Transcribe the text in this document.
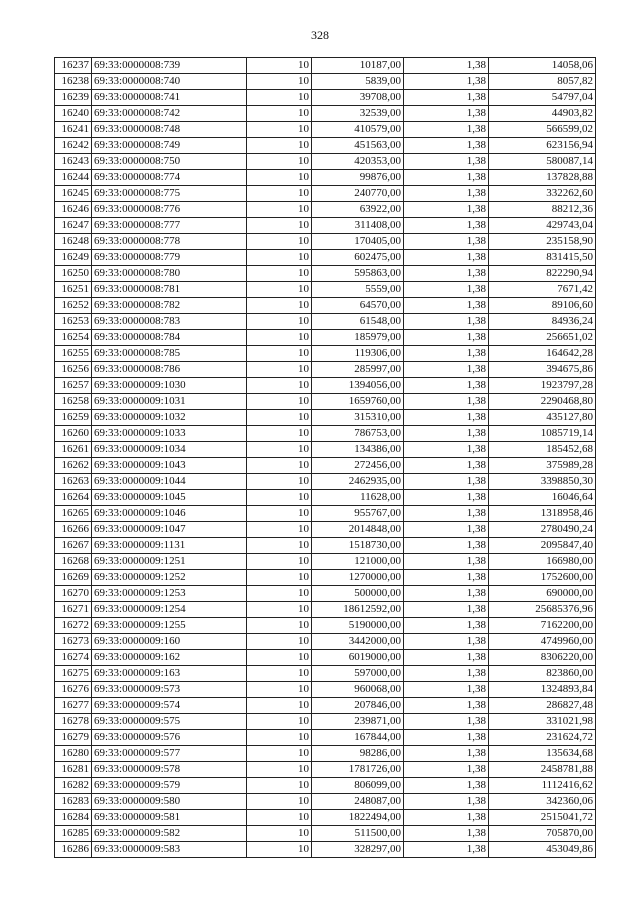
328
16237	69:33:0000008:739	10	10187,00	1,38	14058,06
16238	69:33:0000008:740	10	5839,00	1,38	8057,82
16239	69:33:0000008:741	10	39708,00	1,38	54797,04
16240	69:33:0000008:742	10	32539,00	1,38	44903,82
16241	69:33:0000008:748	10	410579,00	1,38	566599,02
16242	69:33:0000008:749	10	451563,00	1,38	623156,94
16243	69:33:0000008:750	10	420353,00	1,38	580087,14
16244	69:33:0000008:774	10	99876,00	1,38	137828,88
16245	69:33:0000008:775	10	240770,00	1,38	332262,60
16246	69:33:0000008:776	10	63922,00	1,38	88212,36
16247	69:33:0000008:777	10	311408,00	1,38	429743,04
16248	69:33:0000008:778	10	170405,00	1,38	235158,90
16249	69:33:0000008:779	10	602475,00	1,38	831415,50
16250	69:33:0000008:780	10	595863,00	1,38	822290,94
16251	69:33:0000008:781	10	5559,00	1,38	7671,42
16252	69:33:0000008:782	10	64570,00	1,38	89106,60
16253	69:33:0000008:783	10	61548,00	1,38	84936,24
16254	69:33:0000008:784	10	185979,00	1,38	256651,02
16255	69:33:0000008:785	10	119306,00	1,38	164642,28
16256	69:33:0000008:786	10	285997,00	1,38	394675,86
16257	69:33:0000009:1030	10	1394056,00	1,38	1923797,28
16258	69:33:0000009:1031	10	1659760,00	1,38	2290468,80
16259	69:33:0000009:1032	10	315310,00	1,38	435127,80
16260	69:33:0000009:1033	10	786753,00	1,38	1085719,14
16261	69:33:0000009:1034	10	134386,00	1,38	185452,68
16262	69:33:0000009:1043	10	272456,00	1,38	375989,28
16263	69:33:0000009:1044	10	2462935,00	1,38	3398850,30
16264	69:33:0000009:1045	10	11628,00	1,38	16046,64
16265	69:33:0000009:1046	10	955767,00	1,38	1318958,46
16266	69:33:0000009:1047	10	2014848,00	1,38	2780490,24
16267	69:33:0000009:1131	10	1518730,00	1,38	2095847,40
16268	69:33:0000009:1251	10	121000,00	1,38	166980,00
16269	69:33:0000009:1252	10	1270000,00	1,38	1752600,00
16270	69:33:0000009:1253	10	500000,00	1,38	690000,00
16271	69:33:0000009:1254	10	18612592,00	1,38	25685376,96
16272	69:33:0000009:1255	10	5190000,00	1,38	7162200,00
16273	69:33:0000009:160	10	3442000,00	1,38	4749960,00
16274	69:33:0000009:162	10	6019000,00	1,38	8306220,00
16275	69:33:0000009:163	10	597000,00	1,38	823860,00
16276	69:33:0000009:573	10	960068,00	1,38	1324893,84
16277	69:33:0000009:574	10	207846,00	1,38	286827,48
16278	69:33:0000009:575	10	239871,00	1,38	331021,98
16279	69:33:0000009:576	10	167844,00	1,38	231624,72
16280	69:33:0000009:577	10	98286,00	1,38	135634,68
16281	69:33:0000009:578	10	1781726,00	1,38	2458781,88
16282	69:33:0000009:579	10	806099,00	1,38	1112416,62
16283	69:33:0000009:580	10	248087,00	1,38	342360,06
16284	69:33:0000009:581	10	1822494,00	1,38	2515041,72
16285	69:33:0000009:582	10	511500,00	1,38	705870,00
16286	69:33:0000009:583	10	328297,00	1,38	453049,86
